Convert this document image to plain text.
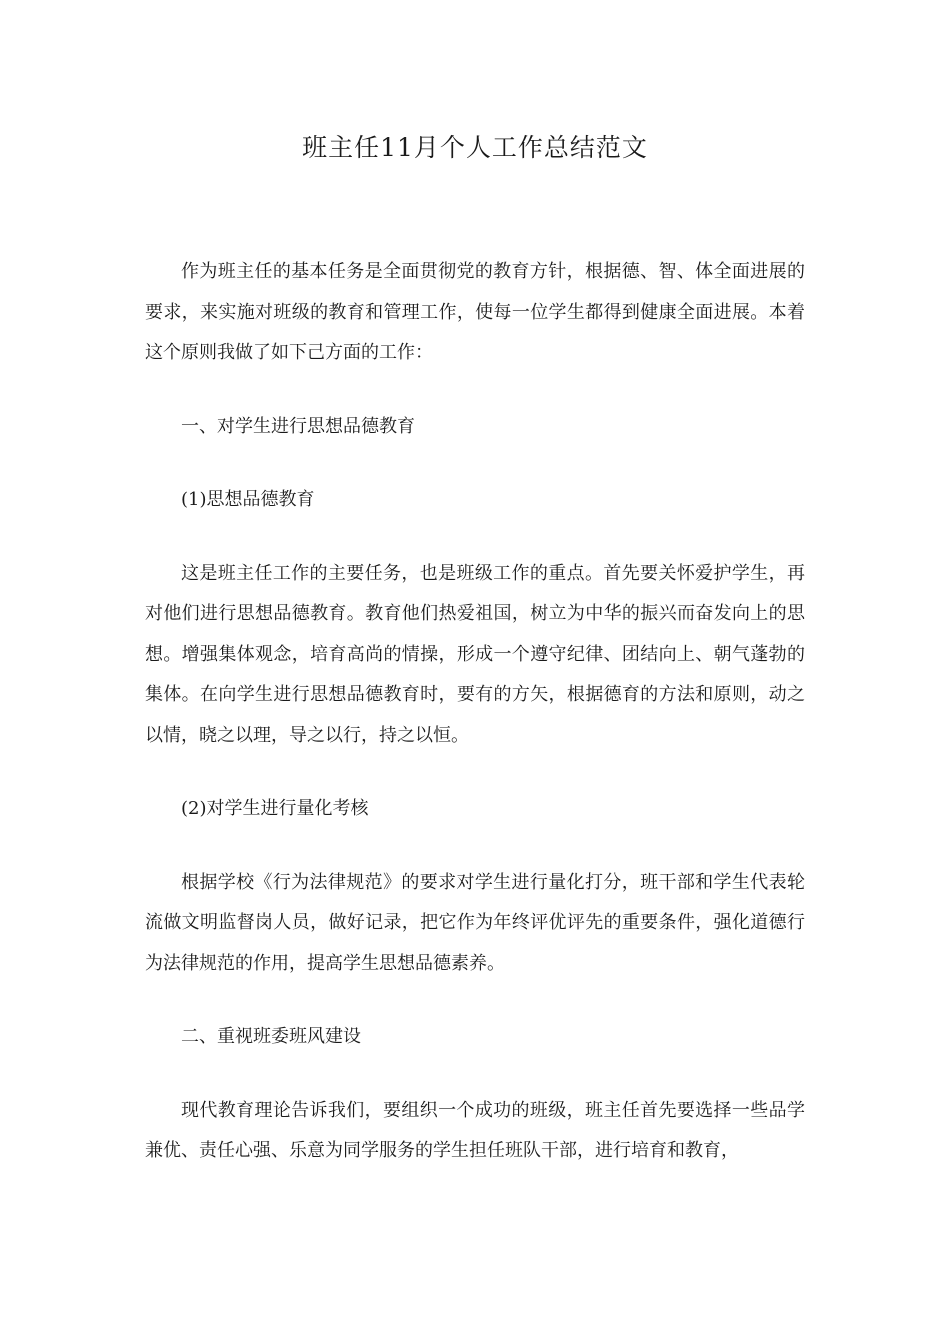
班主任11月个人工作总结范文

作为班主任的基本任务是全面贯彻党的教育方针，根据德、智、体全面进展的要求，来实施对班级的教育和管理工作，使每一位学生都得到健康全面进展。本着这个原则我做了如下己方面的工作：

一、对学生进行思想品德教育

(1)思想品德教育

这是班主任工作的主要任务，也是班级工作的重点。首先要关怀爱护学生，再对他们进行思想品德教育。教育他们热爱祖国，树立为中华的振兴而奋发向上的思想。增强集体观念，培育高尚的情操，形成一个遵守纪律、团结向上、朝气蓬勃的集体。在向学生进行思想品德教育时，要有的方矢，根据德育的方法和原则，动之以情，晓之以理，导之以行，持之以恒。

(2)对学生进行量化考核

根据学校《行为法律规范》的要求对学生进行量化打分，班干部和学生代表轮流做文明监督岗人员，做好记录，把它作为年终评优评先的重要条件，强化道德行为法律规范的作用，提高学生思想品德素养。

二、重视班委班风建设

现代教育理论告诉我们，要组织一个成功的班级，班主任首先要选择一些品学兼优、责任心强、乐意为同学服务的学生担任班队干部，进行培育和教育，
